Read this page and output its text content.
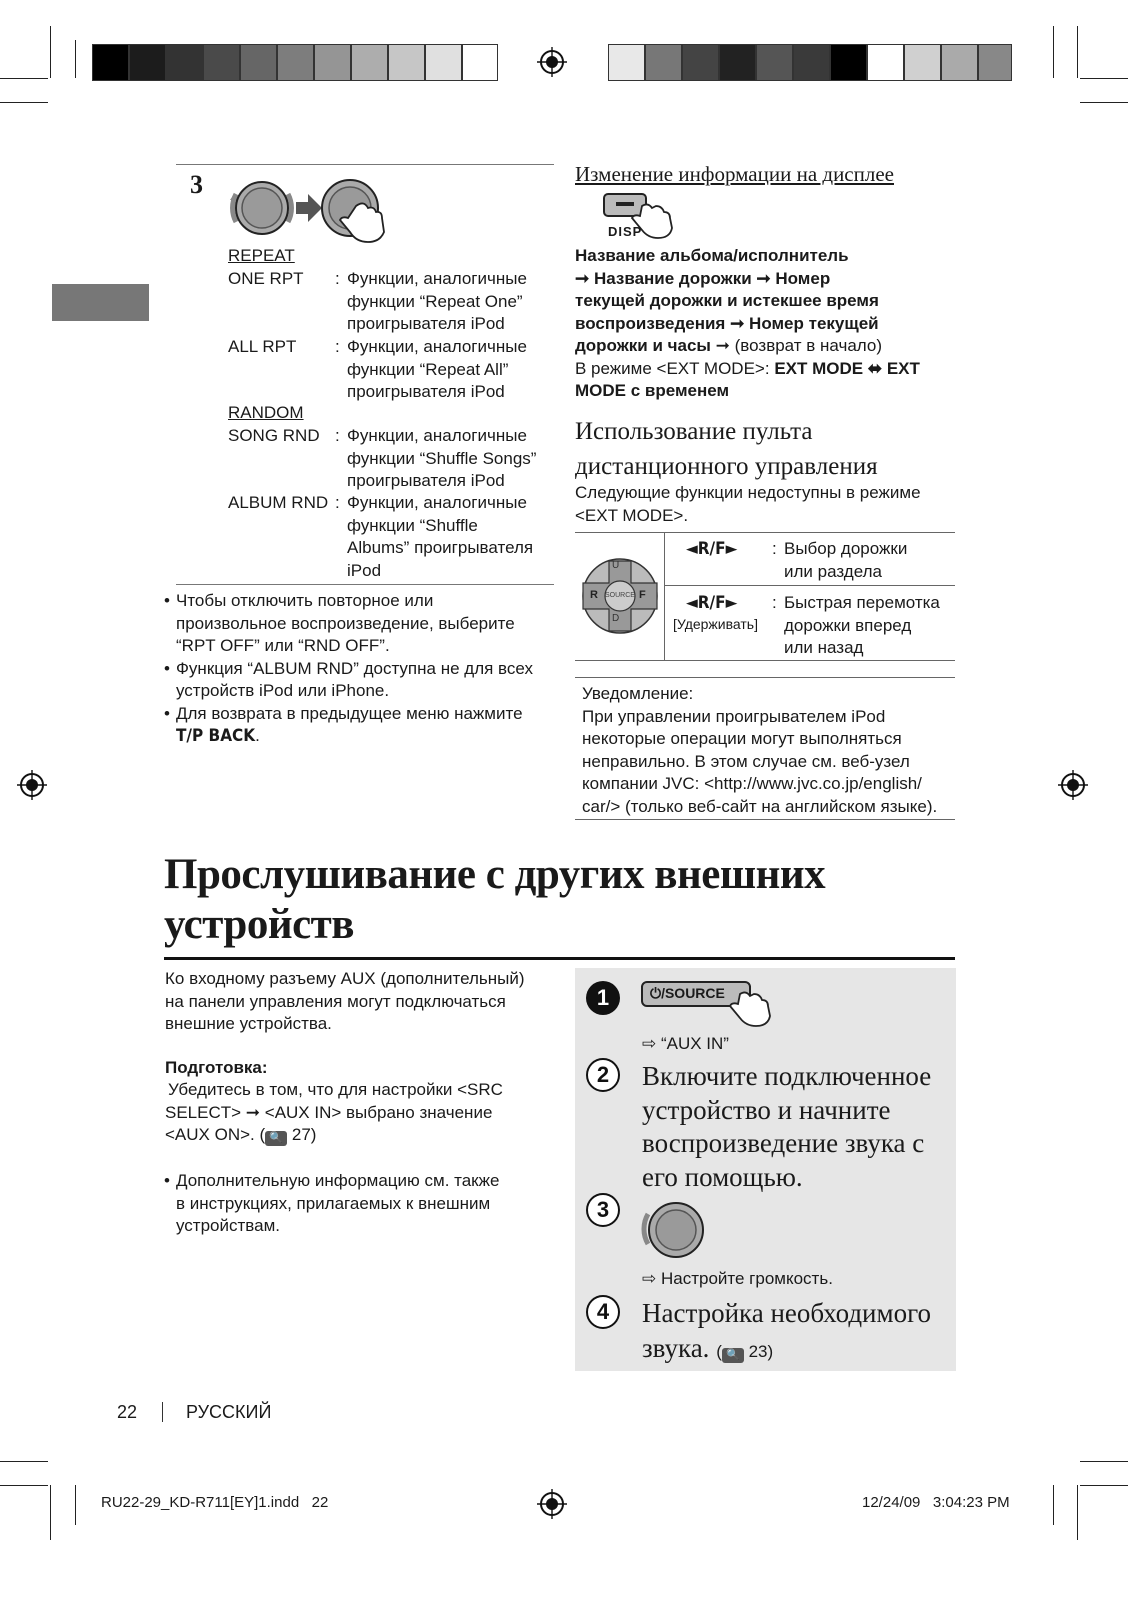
3
REPEAT
ONE RPT : Функции, аналогичные
функции “Repeat One”
проигрывателя iPod
ALL RPT : Функции, аналогичные
функции “Repeat All”
проигрывателя iPod
RANDOM
SONG RND : Функции, аналогичные
функции “Shuffle Songs”
проигрывателя iPod
ALBUM RND : Функции, аналогичные
функции “Shuffle
Albums” проигрывателя
iPod
• Чтобы отключить повторное или
произвольное воспроизведение, выберите
“RPT OFF” или “RND OFF”.
• Функция “ALBUM RND” доступна не для всех
устройств iPod или iPhone.
• Для возврата в предыдущее меню нажмите
T/P BACK.
Изменение информации на дисплее
DISP
Название альбома/исполнитель
➞ Название дорожки ➞ Номер
текущей дорожки и истекшее время
воспроизведения ➞ Номер текущей
дорожки и часы ➞ (возврат в начало)
В режиме <EXT MODE>: EXT MODE ⬌ EXT
MODE с временем
Использование пульта
дистанционного управления
Следующие функции недоступны в режиме
<EXT MODE>.
U
D
R	F
SOURCE
◄R/F► : Выбор дорожки
или раздела
◄R/F►
[Удерживать]
: Быстрая перемотка
дорожки вперед
или назад
Уведомление:
При управлении проигрывателем iPod
некоторые операции могут выполняться
неправильно. В этом случае см. веб-узел
компании JVC: <http://www.jvc.co.jp/english/
car/> (только веб-сайт на английском языке).
Прослушивание с других внешних
устройств
Ко входному разъему AUX (дополнительный)
на панели управления могут подключаться
внешние устройства.
Подготовка:
Убедитесь в том, что для настройки <SRC
SELECT> ➞ <AUX IN> выбрано значение
<AUX ON>. ( 🔍 27)
• Дополнительную информацию см. также
в инструкциях, прилагаемых к внешним
устройствам.
1	⏻/SOURCE
⇨ “AUX IN”
2	Включите подключенное
устройство и начните
воспроизведение звука с
его помощью.
3
⇨ Настройте громкость.
4	Настройка необходимого
звука. ( 🔍 23)
22	РУССКИЙ
RU22-29_KD-R711[EY]1.indd   22	12/24/09   3:04:23 PM
